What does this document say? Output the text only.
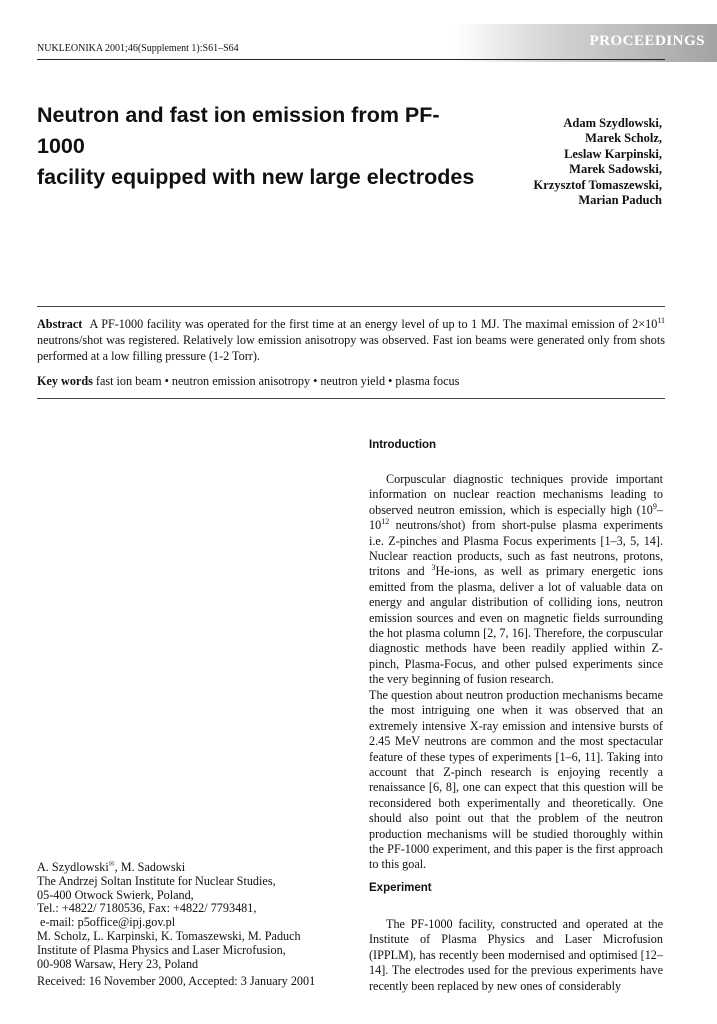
PROCEEDINGS
NUKLEONIKA 2001;46(Supplement 1):S61–S64
Neutron and fast ion emission from PF-1000
facility equipped with new large electrodes
Adam Szydlowski,
Marek Scholz,
Leslaw Karpinski,
Marek Sadowski,
Krzysztof Tomaszewski,
Marian Paduch

Abstract A PF-1000 facility was operated for the first time at an energy level of up to 1 MJ. The maximal emission of $2\times 10^{11}$ neutrons/shot was registered. Relatively low emission anisotropy was observed. Fast ion beams were generated only from shots performed at a low filling pressure (1-2 Torr).

Key words fast ion beam • neutron emission anisotropy • neutron yield • plasma focus

Introduction

Corpuscular diagnostic techniques provide important information on nuclear reaction mechanisms leading to observed neutron emission, which is especially high ($10^9-10^{12}$ neutrons/shot) from short-pulse plasma experiments i.e. Z-pinches and Plasma Focus experiments [1–3, 5, 14]. Nuclear reaction products, such as fast neutrons, protons, tritons and $^3$He-ions, as well as primary energetic ions emitted from the plasma, deliver a lot of valuable data on energy and angular distribution of colliding ions, neutron emission sources and even on magnetic fields surrounding the hot plasma column [2, 7, 16]. Therefore, the corpuscular diagnostic methods have been readily applied within Z-pinch, Plasma-Focus, and other pulsed experiments since the very beginning of fusion research.

The question about neutron production mechanisms became the most intriguing one when it was observed that an extremely intensive X-ray emission and intensive bursts of 2.45 MeV neutrons are common and the most spectacular feature of these types of experiments [1–6, 11]. Taking into account that Z-pinch research is enjoying recently a renaissance [6, 8], one can expect that this question will be reconsidered both experimentally and theoretically. One should also point out that the problem of the neutron production mechanisms will be studied thoroughly within the PF-1000 experiment, and this paper is the first approach to this goal.

Experiment

The PF-1000 facility, constructed and operated at the Institute of Plasma Physics and Laser Microfusion (IPPLM), has recently been modernised and optimised [12–14]. The electrodes used for the previous experiments have recently been replaced by new ones of considerably

A. Szydlowski✉, M. Sadowski
The Andrzej Soltan Institute for Nuclear Studies,
05-400 Otwock Swierk, Poland,
Tel.: +4822/ 7180536, Fax: +4822/ 7793481,
e-mail: p5office@ipj.gov.pl
M. Scholz, L. Karpinski, K. Tomaszewski, M. Paduch
Institute of Plasma Physics and Laser Microfusion,
00-908 Warsaw, Hery 23, Poland
Received: 16 November 2000, Accepted: 3 January 2001
